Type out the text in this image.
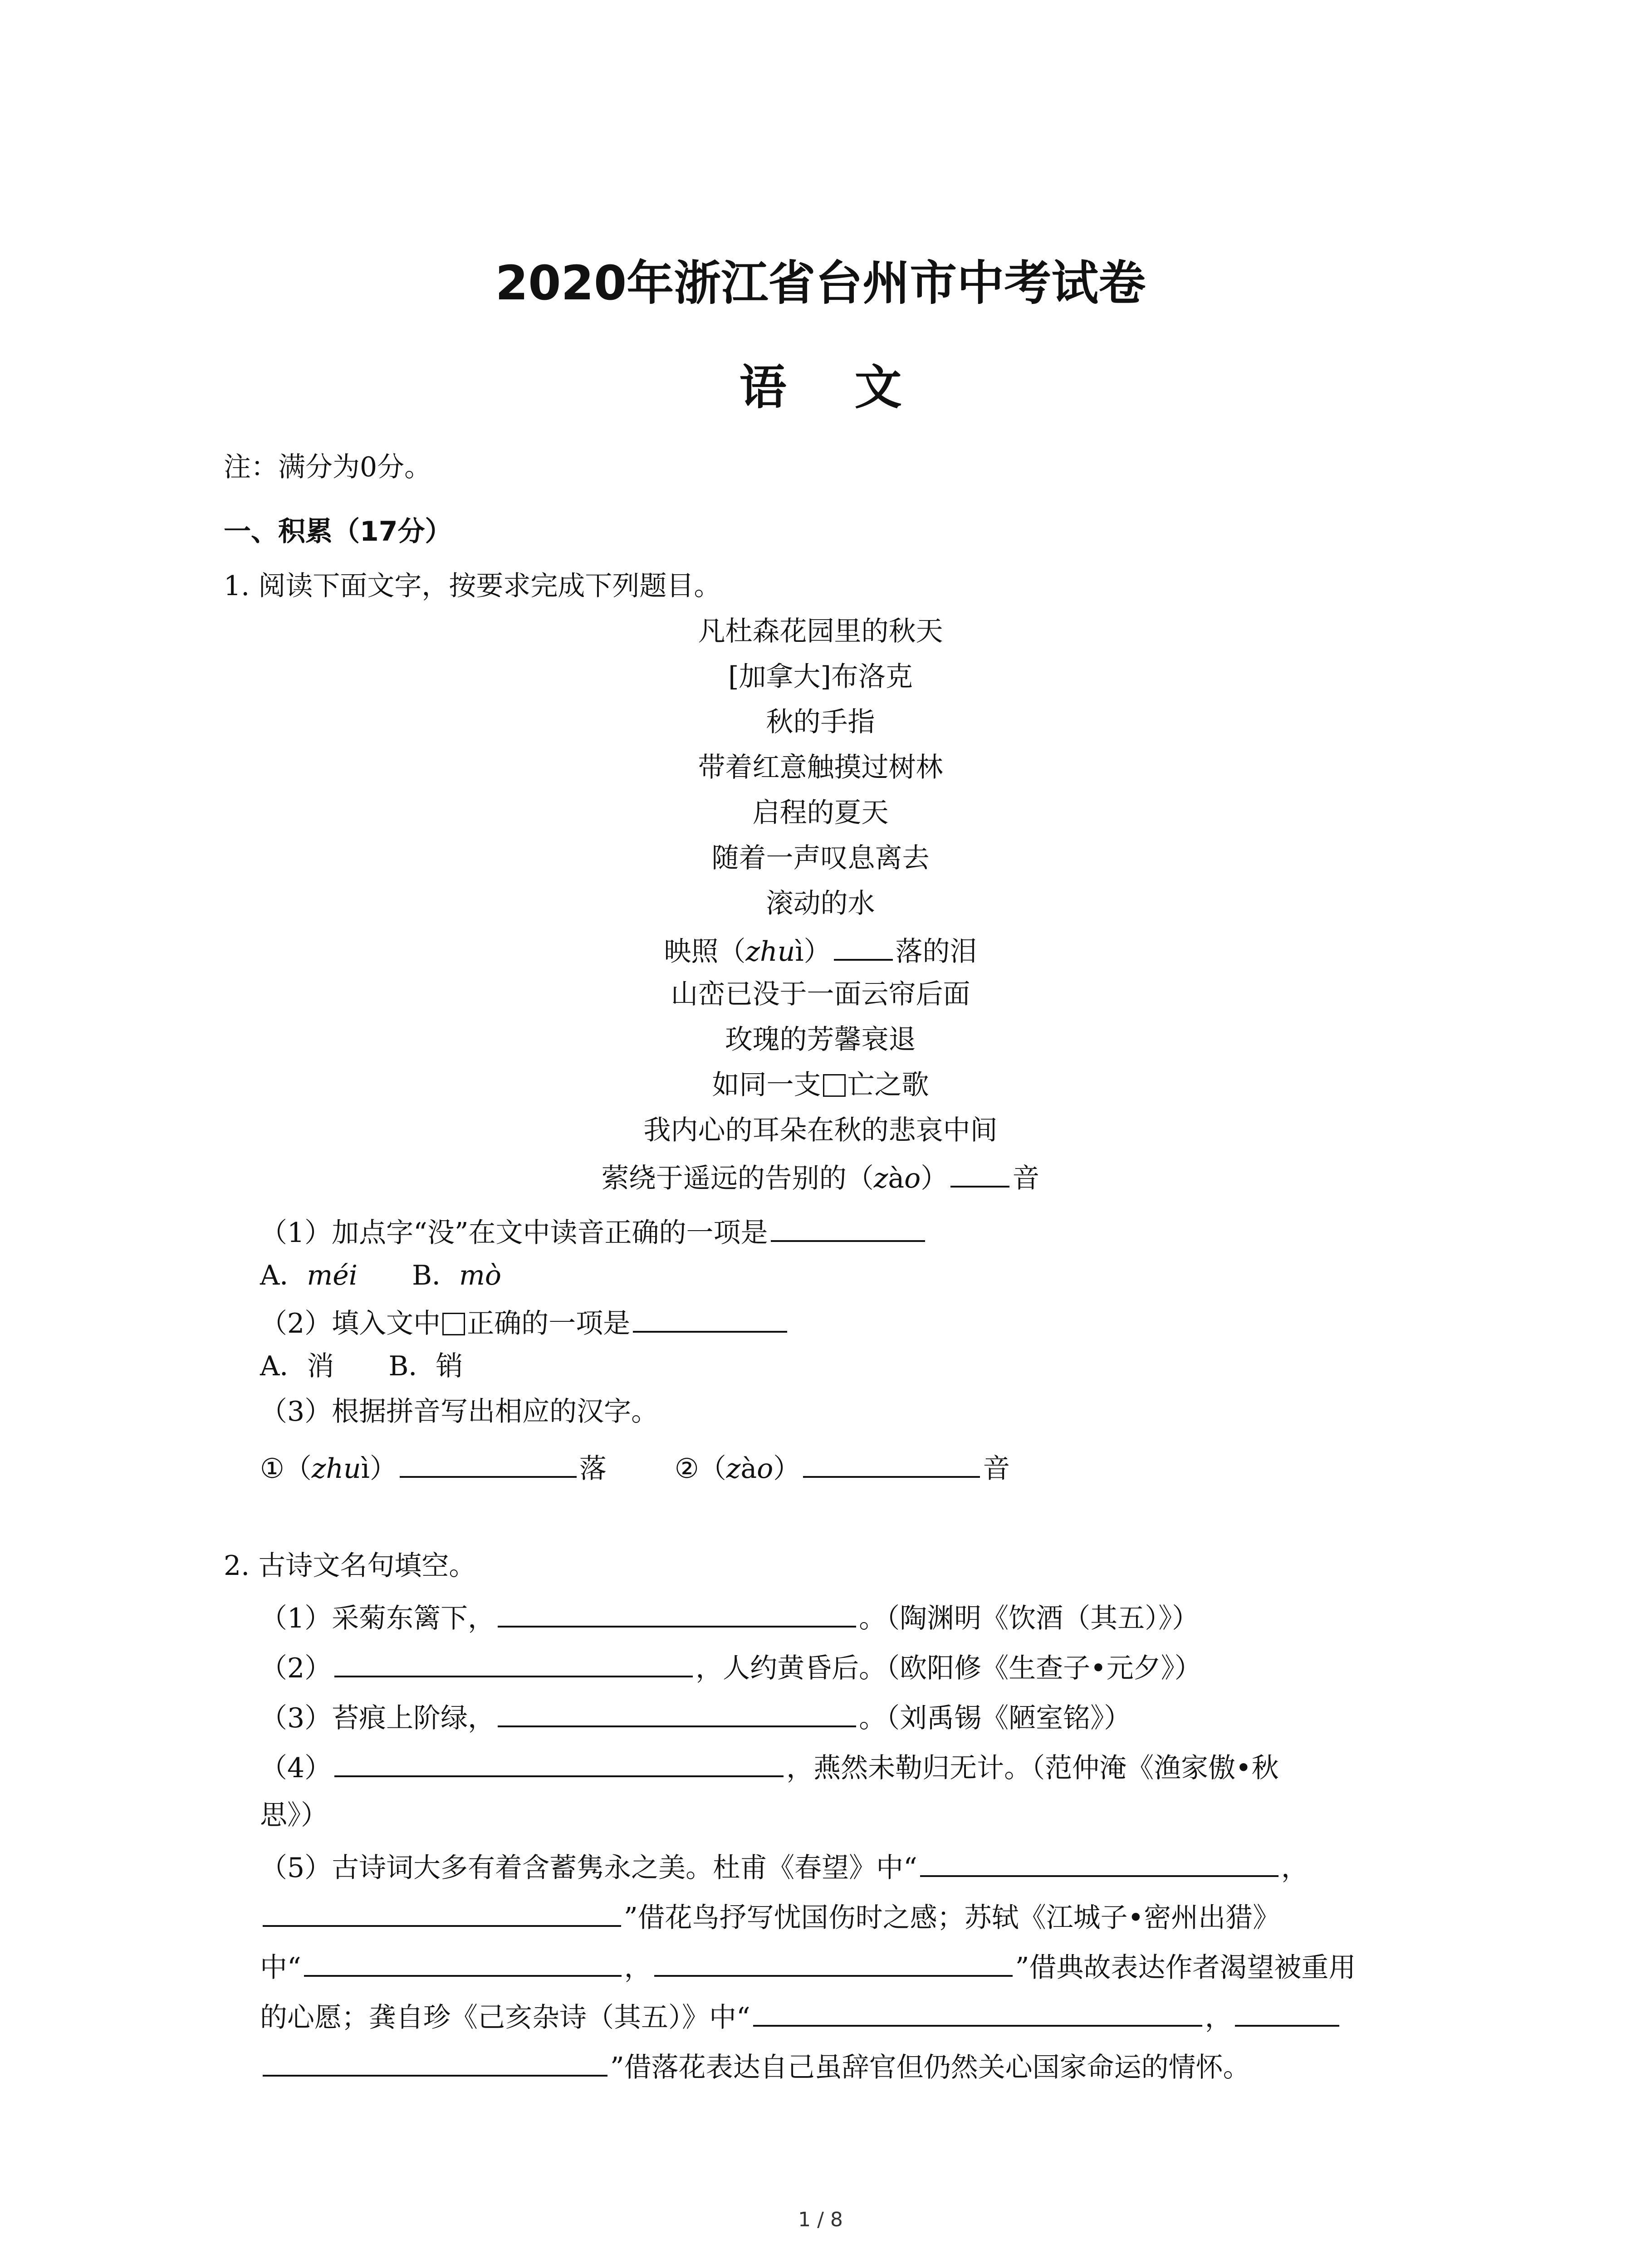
2020年浙江省台州市中考试卷
语文
注：满分为0分。
一、积累（17分）
1. 阅读下面文字，按要求完成下列题目。
凡杜森花园里的秋天
[加拿大]布洛克
秋的手指
带着红意触摸过树林
启程的夏天
随着一声叹息离去
滚动的水
映照（zhuì） 落的泪
山峦已没于一面云帘后面
玫瑰的芳馨衰退
如同一支 亡之歌
我内心的耳朵在秋的悲哀中间
萦绕于遥远的告别的（zào） 音
（1）加点字“没”在文中读音正确的一项是
A．méi B．mò
（2）填入文中 正确的一项是
A．消 B．销
（3）根据拼音写出相应的汉字。
①（zhuì）	落	②（zào）	音
2. 古诗文名句填空。
（1）采菊东篱下，	。（陶渊明《饮酒（其五）》）
（2）	，人约黄昏后。（欧阳修《生查子•元夕》）
（3）苔痕上阶绿，	。（刘禹锡《陋室铭》）
（4）	，燕然未勒归无计。（范仲淹《渔家傲•秋
思》）
（5）古诗词大多有着含蓄隽永之美。杜甫《春望》中“	，
”借花鸟抒写忧国伤时之感；苏轼《江城子•密州出猎》
中“	，	”借典故表达作者渴望被重用
的心愿；龚自珍《己亥杂诗（其五）》中“	，
”借落花表达自己虽辞官但仍然关心国家命运的情怀。
1 / 8
